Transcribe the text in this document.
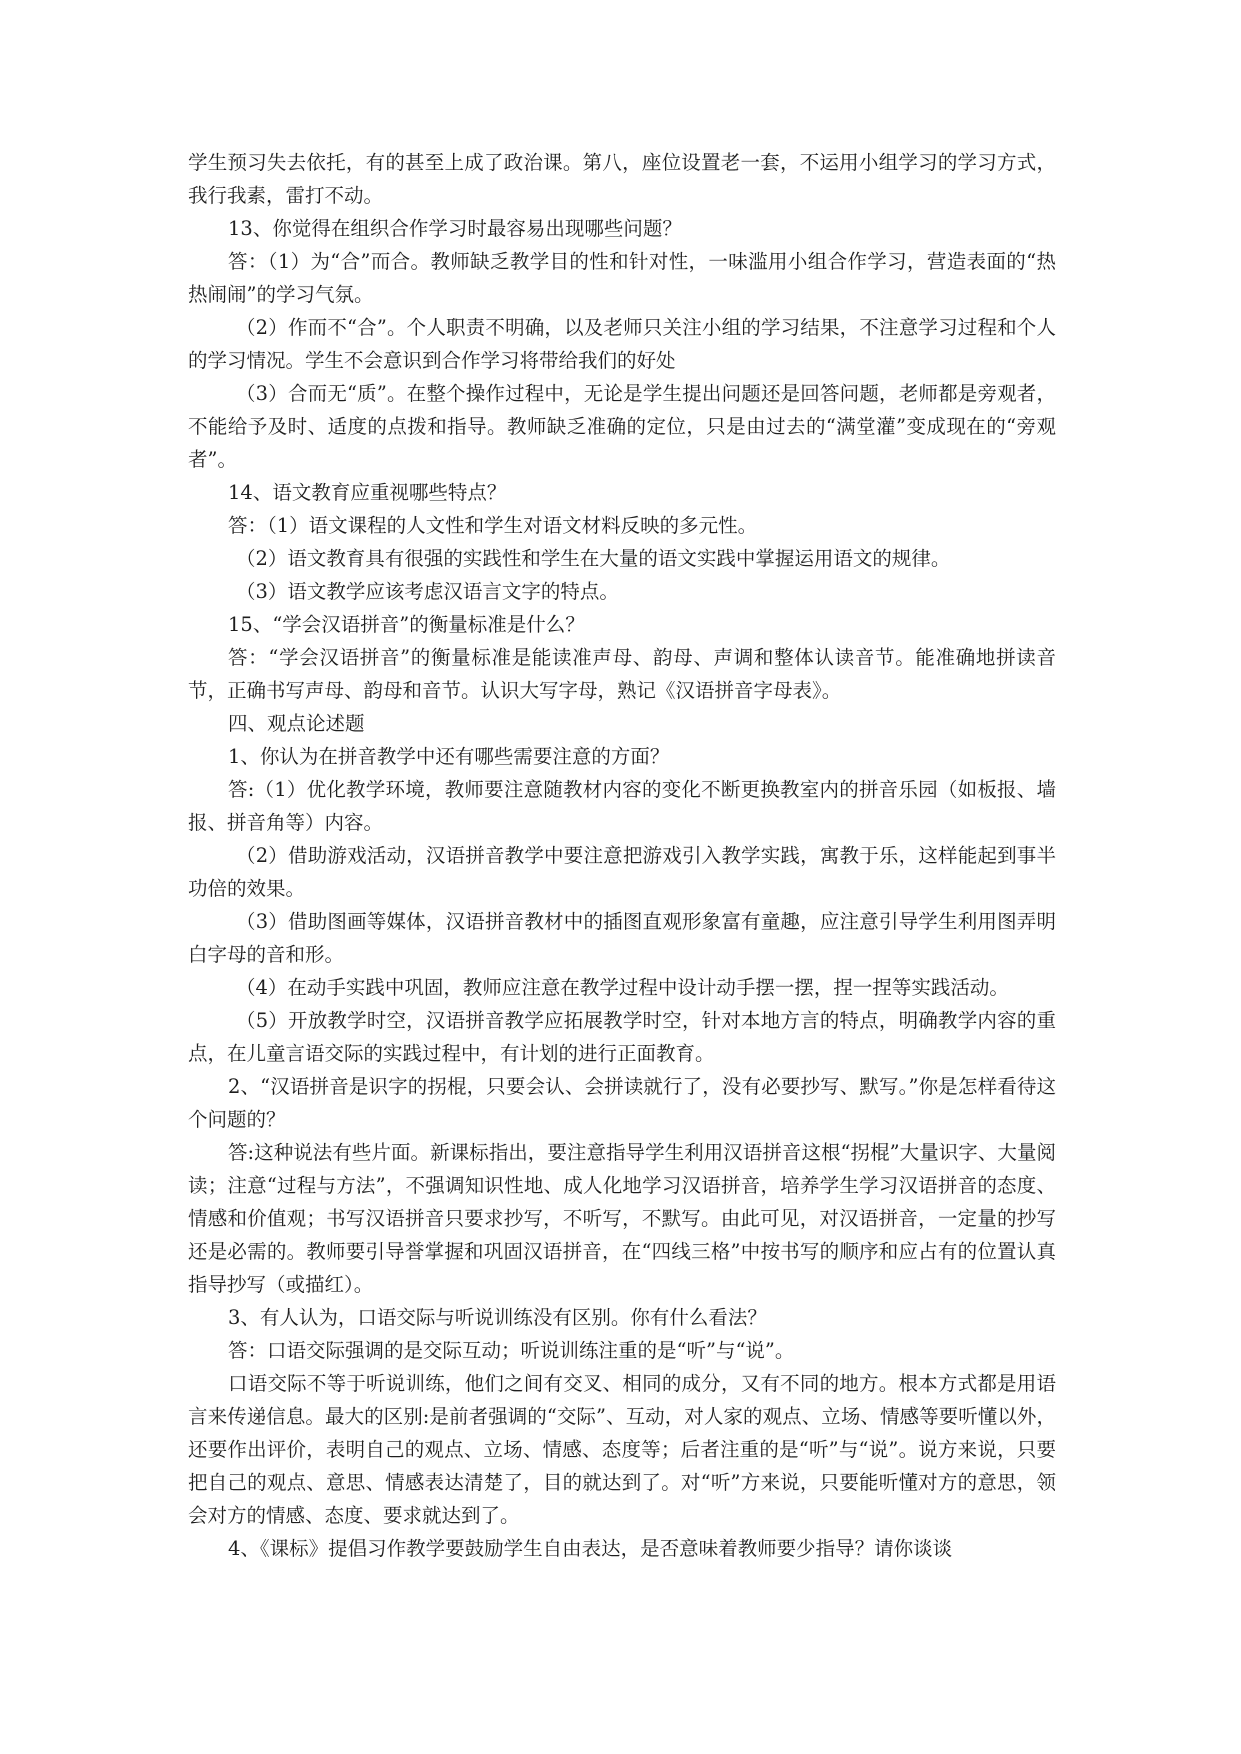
学生预习失去依托，有的甚至上成了政治课。第八，座位设置老一套，不运用小组学习的学习方式，我行我素，雷打不动。

13、你觉得在组织合作学习时最容易出现哪些问题？

答：（1）为“合”而合。教师缺乏教学目的性和针对性，一味滥用小组合作学习，营造表面的“热热闹闹”的学习气氛。

（2）作而不“合”。个人职责不明确，以及老师只关注小组的学习结果，不注意学习过程和个人的学习情况。学生不会意识到合作学习将带给我们的好处

（3）合而无“质”。在整个操作过程中，无论是学生提出问题还是回答问题，老师都是旁观者，不能给予及时、适度的点拨和指导。教师缺乏准确的定位，只是由过去的“满堂灌”变成现在的“旁观者”。

14、语文教育应重视哪些特点？

答：（1）语文课程的人文性和学生对语文材料反映的多元性。

（2）语文教育具有很强的实践性和学生在大量的语文实践中掌握运用语文的规律。

（3）语文教学应该考虑汉语言文字的特点。

15、“学会汉语拼音”的衡量标准是什么？

答：“学会汉语拼音”的衡量标准是能读准声母、韵母、声调和整体认读音节。能准确地拼读音节，正确书写声母、韵母和音节。认识大写字母，熟记《汉语拼音字母表》。

四、观点论述题

1、你认为在拼音教学中还有哪些需要注意的方面？

答:（1）优化教学环境，教师要注意随教材内容的变化不断更换教室内的拼音乐园（如板报、墙报、拼音角等）内容。

（2）借助游戏活动，汉语拼音教学中要注意把游戏引入教学实践，寓教于乐，这样能起到事半功倍的效果。

（3）借助图画等媒体，汉语拼音教材中的插图直观形象富有童趣，应注意引导学生利用图弄明白字母的音和形。

（4）在动手实践中巩固，教师应注意在教学过程中设计动手摆一摆，捏一捏等实践活动。

（5）开放教学时空，汉语拼音教学应拓展教学时空，针对本地方言的特点，明确教学内容的重点，在儿童言语交际的实践过程中，有计划的进行正面教育。

2、“汉语拼音是识字的拐棍，只要会认、会拼读就行了，没有必要抄写、默写。”你是怎样看待这个问题的？

答:这种说法有些片面。新课标指出，要注意指导学生利用汉语拼音这根“拐棍”大量识字、大量阅读；注意“过程与方法”，不强调知识性地、成人化地学习汉语拼音，培养学生学习汉语拼音的态度、情感和价值观；书写汉语拼音只要求抄写，不听写，不默写。由此可见，对汉语拼音，一定量的抄写还是必需的。教师要引导誉掌握和巩固汉语拼音，在“四线三格”中按书写的顺序和应占有的位置认真指导抄写（或描红）。

3、有人认为，口语交际与听说训练没有区别。你有什么看法？

答：口语交际强调的是交际互动；听说训练注重的是“听”与“说”。

口语交际不等于听说训练，他们之间有交叉、相同的成分，又有不同的地方。根本方式都是用语言来传递信息。最大的区别:是前者强调的“交际”、互动，对人家的观点、立场、情感等要听懂以外，还要作出评价，表明自己的观点、立场、情感、态度等；后者注重的是“听”与“说”。说方来说，只要把自己的观点、意思、情感表达清楚了，目的就达到了。对“听”方来说，只要能听懂对方的意思，领会对方的情感、态度、要求就达到了。

4、《课标》提倡习作教学要鼓励学生自由表达，是否意味着教师要少指导？请你谈谈
